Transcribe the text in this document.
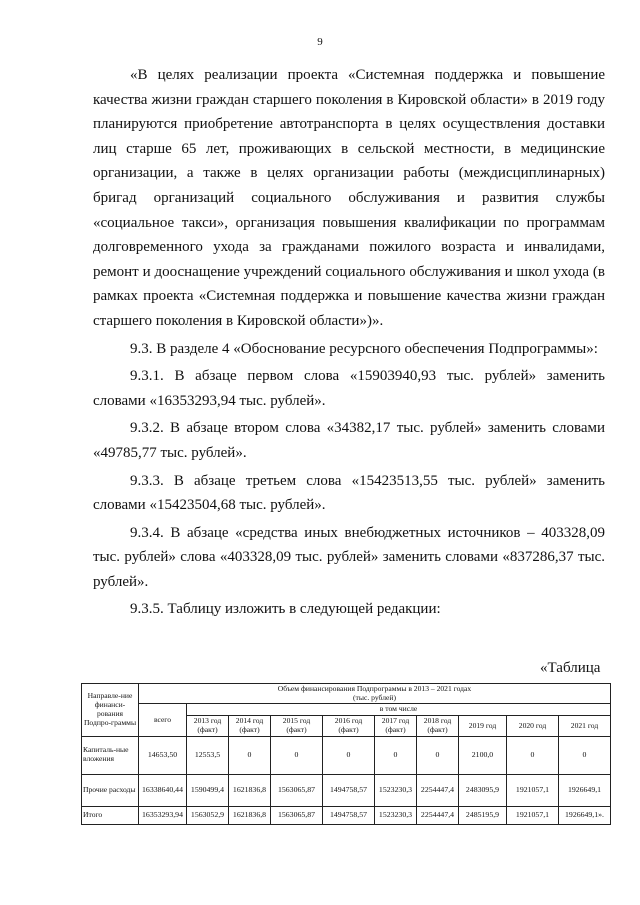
9

«В целях реализации проекта «Системная поддержка и повышение качества жизни граждан старшего поколения в Кировской области» в 2019 году планируются приобретение автотранспорта в целях осуществления доставки лиц старше 65 лет, проживающих в сельской местности, в медицинские организации, а также в целях организации работы (междисциплинарных) бригад организаций социального обслуживания и развития службы «социальное такси», организация повышения квалификации по программам долговременного ухода за гражданами пожилого возраста и инвалидами, ремонт и дооснащение учреждений социального обслуживания и школ ухода (в рамках проекта «Системная поддержка и повышение качества жизни граждан старшего поколения в Кировской области»)».

9.3. В разделе 4 «Обоснование ресурсного обеспечения Подпрограммы»:

9.3.1. В абзаце первом слова «15903940,93 тыс. рублей» заменить словами «16353293,94 тыс. рублей».

9.3.2. В абзаце втором слова «34382,17 тыс. рублей» заменить словами «49785,77 тыс. рублей».

9.3.3. В абзаце третьем слова «15423513,55 тыс. рублей» заменить словами «15423504,68 тыс. рублей».

9.3.4. В абзаце «средства иных внебюджетных источников – 403328,09 тыс. рублей» слова «403328,09 тыс. рублей» заменить словами «837286,37 тыс. рублей».

9.3.5. Таблицу изложить в следующей редакции:

«Таблица
Направле-ние финанси-рования Подпро-граммы	Объем финансирования Подпрограммы в 2013 – 2021 годах
(тыс. рублей)									

	всего	в том числе								
		2013 год (факт)	2014 год (факт)	2015 год (факт)	2016 год (факт)	2017 год (факт)	2018 год (факт)	2019 год	2020 год	2021 год
Капиталь-ные вложения	14653,50	12553,5	0	0	0	0	0	2100,0	0	0
Прочие расходы	16338640,44	1590499,4	1621836,8	1563065,87	1494758,57	1523230,3	2254447,4	2483095,9	1921057,1	1926649,1
Итого	16353293,94	1563052,9	1621836,8	1563065,87	1494758,57	1523230,3	2254447,4	2485195,9	1921057,1	1926649,1».
